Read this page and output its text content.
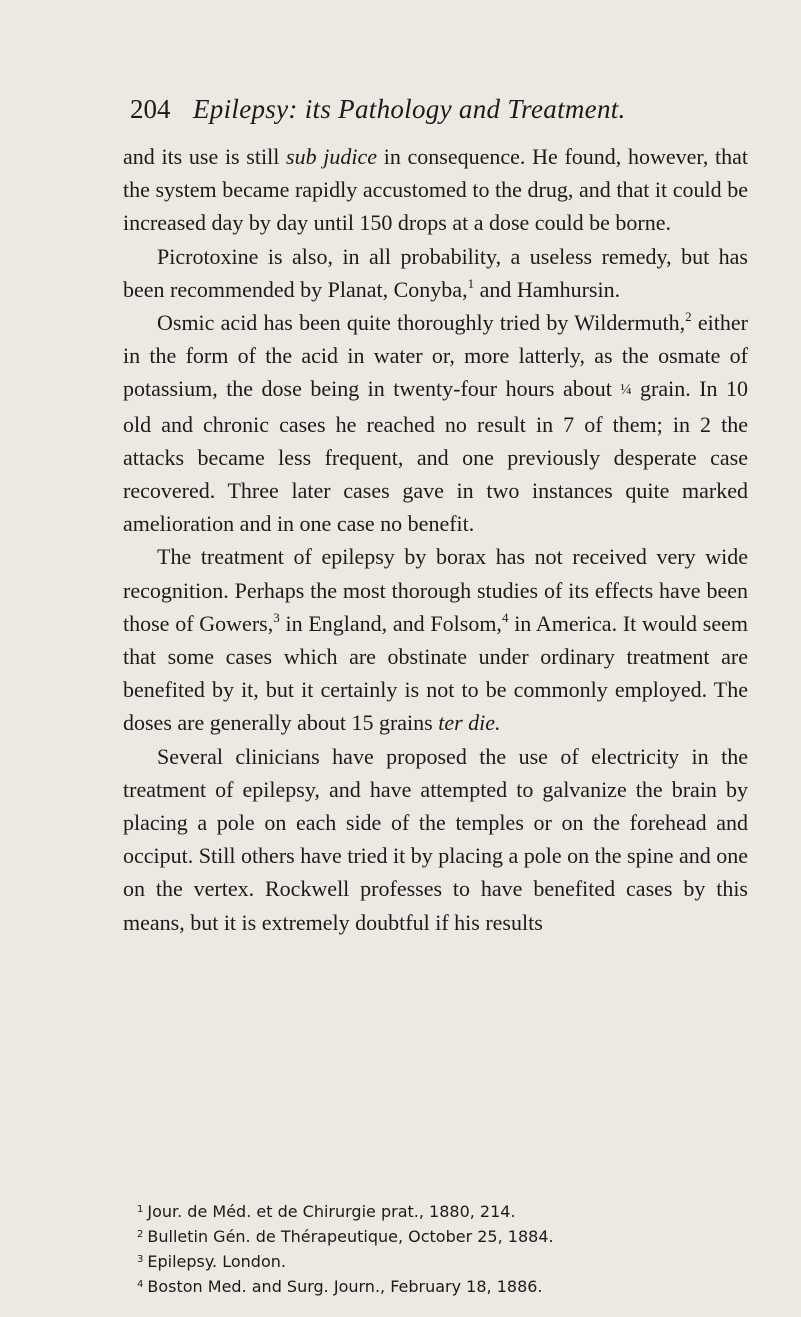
204 Epilepsy: its Pathology and Treatment.

and its use is still sub judice in consequence. He found, however, that the system became rapidly accustomed to the drug, and that it could be increased day by day until 150 drops at a dose could be borne.

Picrotoxine is also, in all probability, a useless remedy, but has been recommended by Planat, Conyba,$^1$ and Hamhursin.

Osmic acid has been quite thoroughly tried by Wildermuth,$^2$ either in the form of the acid in water or, more latterly, as the osmate of potassium, the dose being in twenty-four hours about ¼ grain. In 10 old and chronic cases he reached no result in 7 of them; in 2 the attacks became less frequent, and one previously desperate case recovered. Three later cases gave in two instances quite marked amelioration and in one case no benefit.

The treatment of epilepsy by borax has not received very wide recognition. Perhaps the most thorough studies of its effects have been those of Gowers,$^3$ in England, and Folsom,$^4$ in America. It would seem that some cases which are obstinate under ordinary treatment are benefited by it, but it certainly is not to be commonly employed. The doses are generally about 15 grains ter die.

Several clinicians have proposed the use of electricity in the treatment of epilepsy, and have attempted to galvanize the brain by placing a pole on each side of the temples or on the forehead and occiput. Still others have tried it by placing a pole on the spine and one on the vertex. Rockwell professes to have benefited cases by this means, but it is extremely doubtful if his results

$^1$ Jour. de Méd. et de Chirurgie prat., 1880, 214.
$^2$ Bulletin Gén. de Thérapeutique, October 25, 1884.
$^3$ Epilepsy. London.
$^4$ Boston Med. and Surg. Journ., February 18, 1886.
